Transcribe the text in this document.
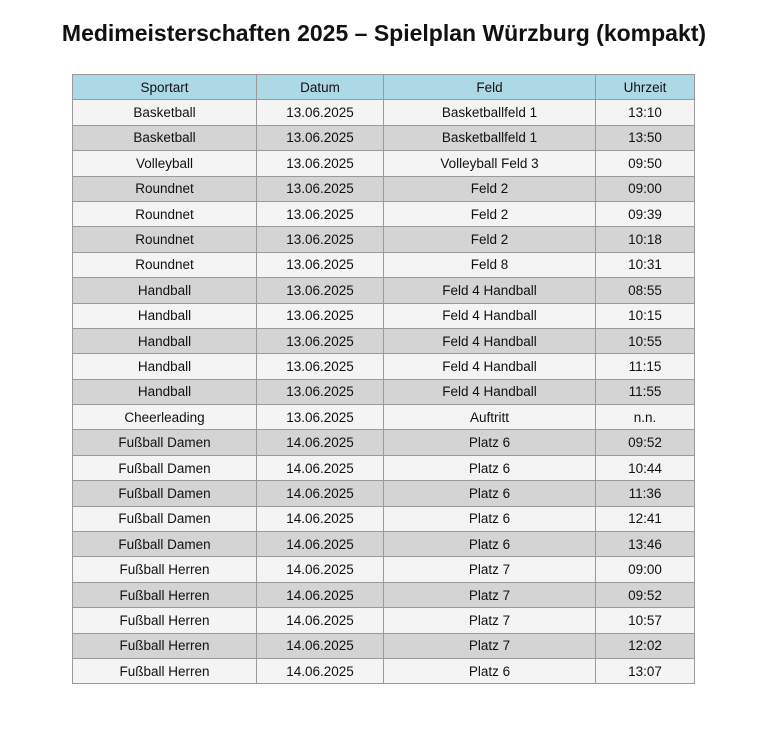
Medimeisterschaften 2025 – Spielplan Würzburg (kompakt)
Sportart	Datum	Feld	Uhrzeit
Basketball	13.06.2025	Basketballfeld 1	13:10
Basketball	13.06.2025	Basketballfeld 1	13:50
Volleyball	13.06.2025	Volleyball Feld 3	09:50
Roundnet	13.06.2025	Feld 2	09:00
Roundnet	13.06.2025	Feld 2	09:39
Roundnet	13.06.2025	Feld 2	10:18
Roundnet	13.06.2025	Feld 8	10:31
Handball	13.06.2025	Feld 4 Handball	08:55
Handball	13.06.2025	Feld 4 Handball	10:15
Handball	13.06.2025	Feld 4 Handball	10:55
Handball	13.06.2025	Feld 4 Handball	11:15
Handball	13.06.2025	Feld 4 Handball	11:55
Cheerleading	13.06.2025	Auftritt	n.n.
Fußball Damen	14.06.2025	Platz 6	09:52
Fußball Damen	14.06.2025	Platz 6	10:44
Fußball Damen	14.06.2025	Platz 6	11:36
Fußball Damen	14.06.2025	Platz 6	12:41
Fußball Damen	14.06.2025	Platz 6	13:46
Fußball Herren	14.06.2025	Platz 7	09:00
Fußball Herren	14.06.2025	Platz 7	09:52
Fußball Herren	14.06.2025	Platz 7	10:57
Fußball Herren	14.06.2025	Platz 7	12:02
Fußball Herren	14.06.2025	Platz 6	13:07
